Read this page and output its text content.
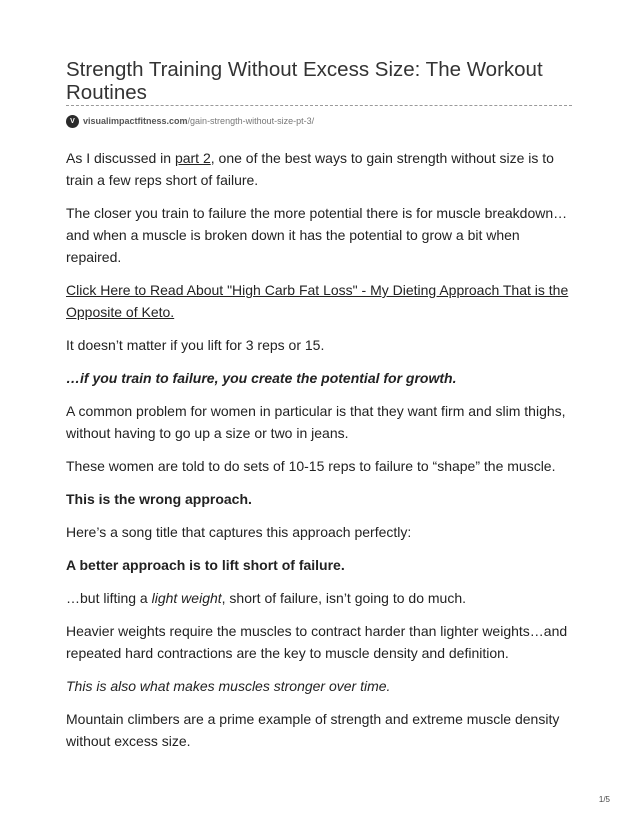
Strength Training Without Excess Size: The Workout Routines
V visualimpactfitness.com /gain-strength-without-size-pt-3/

As I discussed in part 2, one of the best ways to gain strength without size is to train a few reps short of failure.

The closer you train to failure the more potential there is for muscle breakdown…and when a muscle is broken down it has the potential to grow a bit when repaired.

Click Here to Read About "High Carb Fat Loss" - My Dieting Approach That is the Opposite of Keto.

It doesn’t matter if you lift for 3 reps or 15.

…if you train to failure, you create the potential for growth.

A common problem for women in particular is that they want firm and slim thighs, without having to go up a size or two in jeans.

These women are told to do sets of 10-15 reps to failure to “shape” the muscle.

This is the wrong approach.

Here’s a song title that captures this approach perfectly:

A better approach is to lift short of failure.

…but lifting a light weight, short of failure, isn’t going to do much.

Heavier weights require the muscles to contract harder than lighter weights…and repeated hard contractions are the key to muscle density and definition.

This is also what makes muscles stronger over time.

Mountain climbers are a prime example of strength and extreme muscle density without excess size.

1/5
